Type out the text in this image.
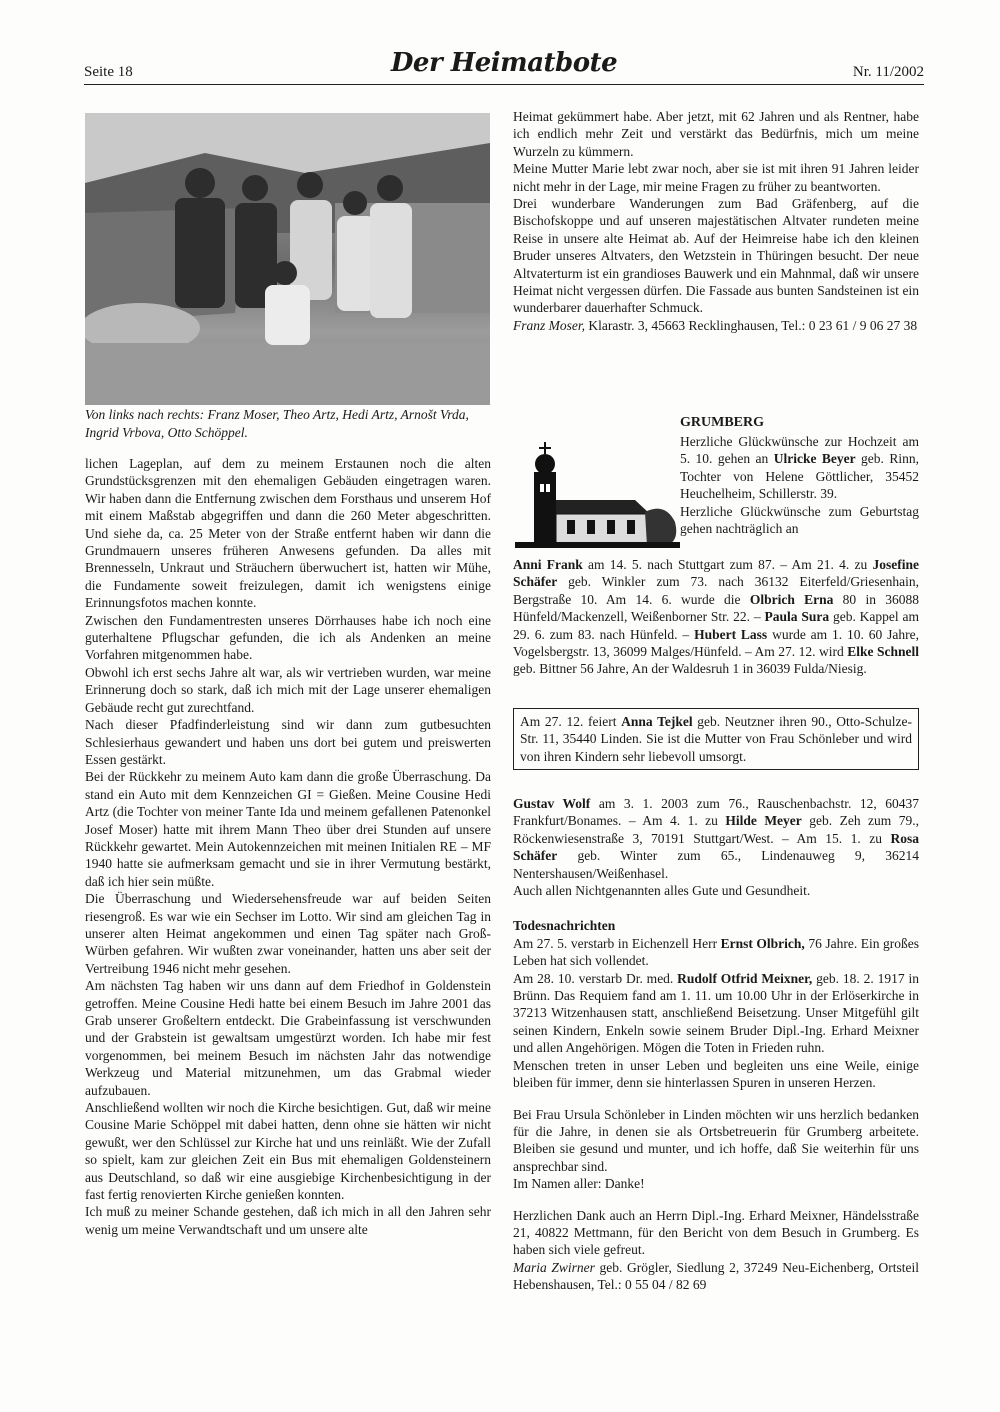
Seite 18	Der Heimatbote	Nr. 11/2002
Von links nach rechts: Franz Moser, Theo Artz, Hedi Artz, Arnošt Vrda, Ingrid Vrbova, Otto Schöppel.

lichen Lageplan, auf dem zu meinem Erstaunen noch die alten Grundstücksgrenzen mit den ehemaligen Gebäuden eingetragen waren. Wir haben dann die Entfernung zwischen dem Forsthaus und unserem Hof mit einem Maßstab abgegriffen und dann die 260 Meter abgeschritten. Und siehe da, ca. 25 Meter von der Straße entfernt haben wir dann die Grundmauern unseres früheren Anwesens gefunden. Da alles mit Brennesseln, Unkraut und Sträuchern überwuchert ist, hatten wir Mühe, die Fundamente soweit freizulegen, damit ich wenigstens einige Erinnungsfotos machen konnte.

Zwischen den Fundamentresten unseres Dörrhauses habe ich noch eine guterhaltene Pflugschar gefunden, die ich als Andenken an meine Vorfahren mitgenommen habe.

Obwohl ich erst sechs Jahre alt war, als wir vertrieben wurden, war meine Erinnerung doch so stark, daß ich mich mit der Lage unserer ehemaligen Gebäude recht gut zurechtfand.

Nach dieser Pfadfinderleistung sind wir dann zum gutbesuchten Schlesierhaus gewandert und haben uns dort bei gutem und preiswerten Essen gestärkt.

Bei der Rückkehr zu meinem Auto kam dann die große Überraschung. Da stand ein Auto mit dem Kennzeichen GI = Gießen. Meine Cousine Hedi Artz (die Tochter von meiner Tante Ida und meinem gefallenen Patenonkel Josef Moser) hatte mit ihrem Mann Theo über drei Stunden auf unsere Rückkehr gewartet. Mein Autokennzeichen mit meinen Initialen RE – MF 1940 hatte sie aufmerksam gemacht und sie in ihrer Vermutung bestärkt, daß ich hier sein müßte.

Die Überraschung und Wiedersehensfreude war auf beiden Seiten riesengroß. Es war wie ein Sechser im Lotto. Wir sind am gleichen Tag in unserer alten Heimat angekommen und einen Tag später nach Groß-Würben gefahren. Wir wußten zwar voneinander, hatten uns aber seit der Vertreibung 1946 nicht mehr gesehen.

Am nächsten Tag haben wir uns dann auf dem Friedhof in Goldenstein getroffen. Meine Cousine Hedi hatte bei einem Besuch im Jahre 2001 das Grab unserer Großeltern entdeckt. Die Grabeinfassung ist verschwunden und der Grabstein ist gewaltsam umgestürzt worden. Ich habe mir fest vorgenommen, bei meinem Besuch im nächsten Jahr das notwendige Werkzeug und Material mitzunehmen, um das Grabmal wieder aufzubauen.

Anschließend wollten wir noch die Kirche besichtigen. Gut, daß wir meine Cousine Marie Schöppel mit dabei hatten, denn ohne sie hätten wir nicht gewußt, wer den Schlüssel zur Kirche hat und uns reinläßt. Wie der Zufall so spielt, kam zur gleichen Zeit ein Bus mit ehemaligen Goldensteinern aus Deutschland, so daß wir eine ausgiebige Kirchenbesichtigung in der fast fertig renovierten Kirche genießen konnten.

Ich muß zu meiner Schande gestehen, daß ich mich in all den Jahren sehr wenig um meine Verwandtschaft und um unsere alte

Heimat gekümmert habe. Aber jetzt, mit 62 Jahren und als Rentner, habe ich endlich mehr Zeit und verstärkt das Bedürfnis, mich um meine Wurzeln zu kümmern.

Meine Mutter Marie lebt zwar noch, aber sie ist mit ihren 91 Jahren leider nicht mehr in der Lage, mir meine Fragen zu früher zu beantworten.

Drei wunderbare Wanderungen zum Bad Gräfenberg, auf die Bischofskoppe und auf unseren majestätischen Altvater rundeten meine Reise in unsere alte Heimat ab. Auf der Heimreise habe ich den kleinen Bruder unseres Altvaters, den Wetzstein in Thüringen besucht. Der neue Altvaterturm ist ein grandioses Bauwerk und ein Mahnmal, daß wir unsere Heimat nicht vergessen dürfen. Die Fassade aus bunten Sandsteinen ist ein wunderbarer dauerhafter Schmuck.

Franz Moser, Klarastr. 3, 45663 Recklinghausen, Tel.: 0 23 61 / 9 06 27 38

GRUMBERG

Herzliche Glückwünsche zur Hochzeit am 5. 10. gehen an Ulricke Beyer geb. Rinn, Tochter von Helene Göttlicher, 35452 Heuchelheim, Schillerstr. 39.

Herzliche Glückwünsche zum Geburtstag gehen nachträglich an

Anni Frank am 14. 5. nach Stuttgart zum 87. – Am 21. 4. zu Josefine Schäfer geb. Winkler zum 73. nach 36132 Eiterfeld/Griesenhain, Bergstraße 10. Am 14. 6. wurde die Olbrich Erna 80 in 36088 Hünfeld/Mackenzell, Weißenborner Str. 22. – Paula Sura geb. Kappel am 29. 6. zum 83. nach Hünfeld. – Hubert Lass wurde am 1. 10. 60 Jahre, Vogelsbergstr. 13, 36099 Malges/Hünfeld. – Am 27. 12. wird Elke Schnell geb. Bittner 56 Jahre, An der Waldesruh 1 in 36039 Fulda/Niesig.

Am 27. 12. feiert Anna Tejkel geb. Neutzner ihren 90., Otto-Schulze-Str. 11, 35440 Linden. Sie ist die Mutter von Frau Schönleber und wird von ihren Kindern sehr liebevoll umsorgt.

Gustav Wolf am 3. 1. 2003 zum 76., Rauschenbachstr. 12, 60437 Frankfurt/Bonames. – Am 4. 1. zu Hilde Meyer geb. Zeh zum 79., Röckenwiesenstraße 3, 70191 Stuttgart/West. – Am 15. 1. zu Rosa Schäfer geb. Winter zum 65., Lindenauweg 9, 36214 Nentershausen/Weißenhasel.

Auch allen Nichtgenannten alles Gute und Gesundheit.

Todesnachrichten

Am 27. 5. verstarb in Eichenzell Herr Ernst Olbrich, 76 Jahre. Ein großes Leben hat sich vollendet.

Am 28. 10. verstarb Dr. med. Rudolf Otfrid Meixner, geb. 18. 2. 1917 in Brünn. Das Requiem fand am 1. 11. um 10.00 Uhr in der Erlöserkirche in 37213 Witzenhausen statt, anschließend Beisetzung. Unser Mitgefühl gilt seinen Kindern, Enkeln sowie seinem Bruder Dipl.-Ing. Erhard Meixner und allen Angehörigen. Mögen die Toten in Frieden ruhn.

Menschen treten in unser Leben und begleiten uns eine Weile, einige bleiben für immer, denn sie hinterlassen Spuren in unseren Herzen.

Bei Frau Ursula Schönleber in Linden möchten wir uns herzlich bedanken für die Jahre, in denen sie als Ortsbetreuerin für Grumberg arbeitete. Bleiben sie gesund und munter, und ich hoffe, daß Sie weiterhin für uns ansprechbar sind.

Im Namen aller: Danke!

Herzlichen Dank auch an Herrn Dipl.-Ing. Erhard Meixner, Händelsstraße 21, 40822 Mettmann, für den Bericht von dem Besuch in Grumberg. Es haben sich viele gefreut.

Maria Zwirner geb. Grögler, Siedlung 2, 37249 Neu-Eichenberg, Ortsteil Hebenshausen, Tel.: 0 55 04 / 82 69
